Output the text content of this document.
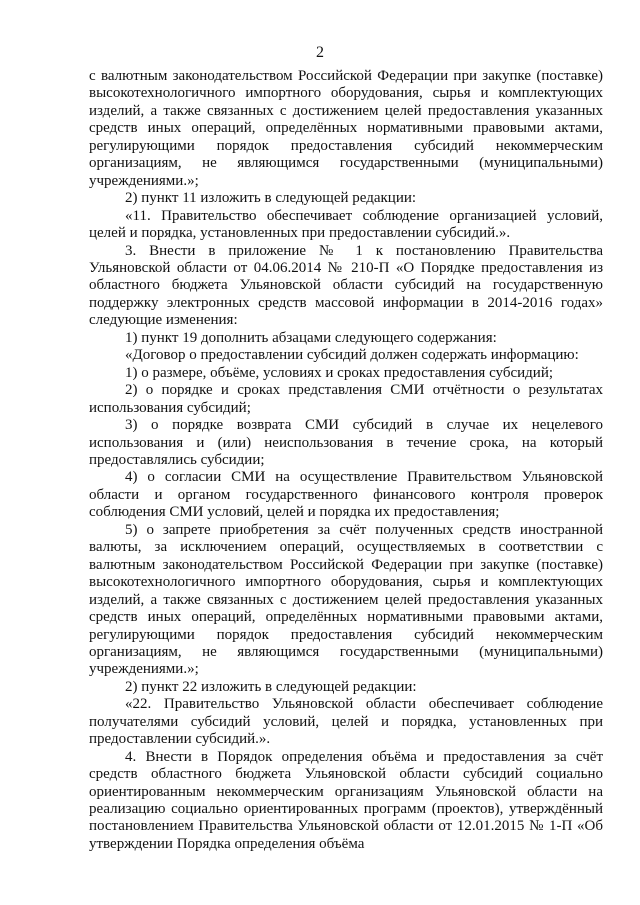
2

с валютным законодательством Российской Федерации при закупке (поставке) высокотехнологичного импортного оборудования, сырья и комплектующих изделий, а также связанных с достижением целей предоставления указанных средств иных операций, определённых нормативными правовыми актами, регулирующими порядок предоставления субсидий некоммерческим организациям, не являющимся государственными (муниципальными) учреждениями.»;

2) пункт 11 изложить в следующей редакции:

«11. Правительство обеспечивает соблюдение организацией условий, целей и порядка, установленных при предоставлении субсидий.».

3. Внести в приложение № 1 к постановлению Правительства Ульяновской области от 04.06.2014 № 210-П «О Порядке предоставления из областного бюджета Ульяновской области субсидий на государственную поддержку электронных средств массовой информации в 2014-2016 годах» следующие изменения:

1) пункт 19 дополнить абзацами следующего содержания:

«Договор о предоставлении субсидий должен содержать информацию:

1) о размере, объёме, условиях и сроках предоставления субсидий;

2) о порядке и сроках представления СМИ отчётности о результатах использования субсидий;

3) о порядке возврата СМИ субсидий в случае их нецелевого использования и (или) неиспользования в течение срока, на который предоставлялись субсидии;

4) о согласии СМИ на осуществление Правительством Ульяновской области и органом государственного финансового контроля проверок соблюдения СМИ условий, целей и порядка их предоставления;

5) о запрете приобретения за счёт полученных средств иностранной валюты, за исключением операций, осуществляемых в соответствии с валютным законодательством Российской Федерации при закупке (поставке) высокотехнологичного импортного оборудования, сырья и комплектующих изделий, а также связанных с достижением целей предоставления указанных средств иных операций, определённых нормативными правовыми актами, регулирующими порядок предоставления субсидий некоммерческим организациям, не являющимся государственными (муниципальными) учреждениями.»;

2) пункт 22 изложить в следующей редакции:

«22. Правительство Ульяновской области обеспечивает соблюдение получателями субсидий условий, целей и порядка, установленных при предоставлении субсидий.».

4. Внести в Порядок определения объёма и предоставления за счёт средств областного бюджета Ульяновской области субсидий социально ориентированным некоммерческим организациям Ульяновской области на реализацию социально ориентированных программ (проектов), утверждённый постановлением Правительства Ульяновской области от 12.01.2015 № 1-П «Об утверждении Порядка определения объёма
